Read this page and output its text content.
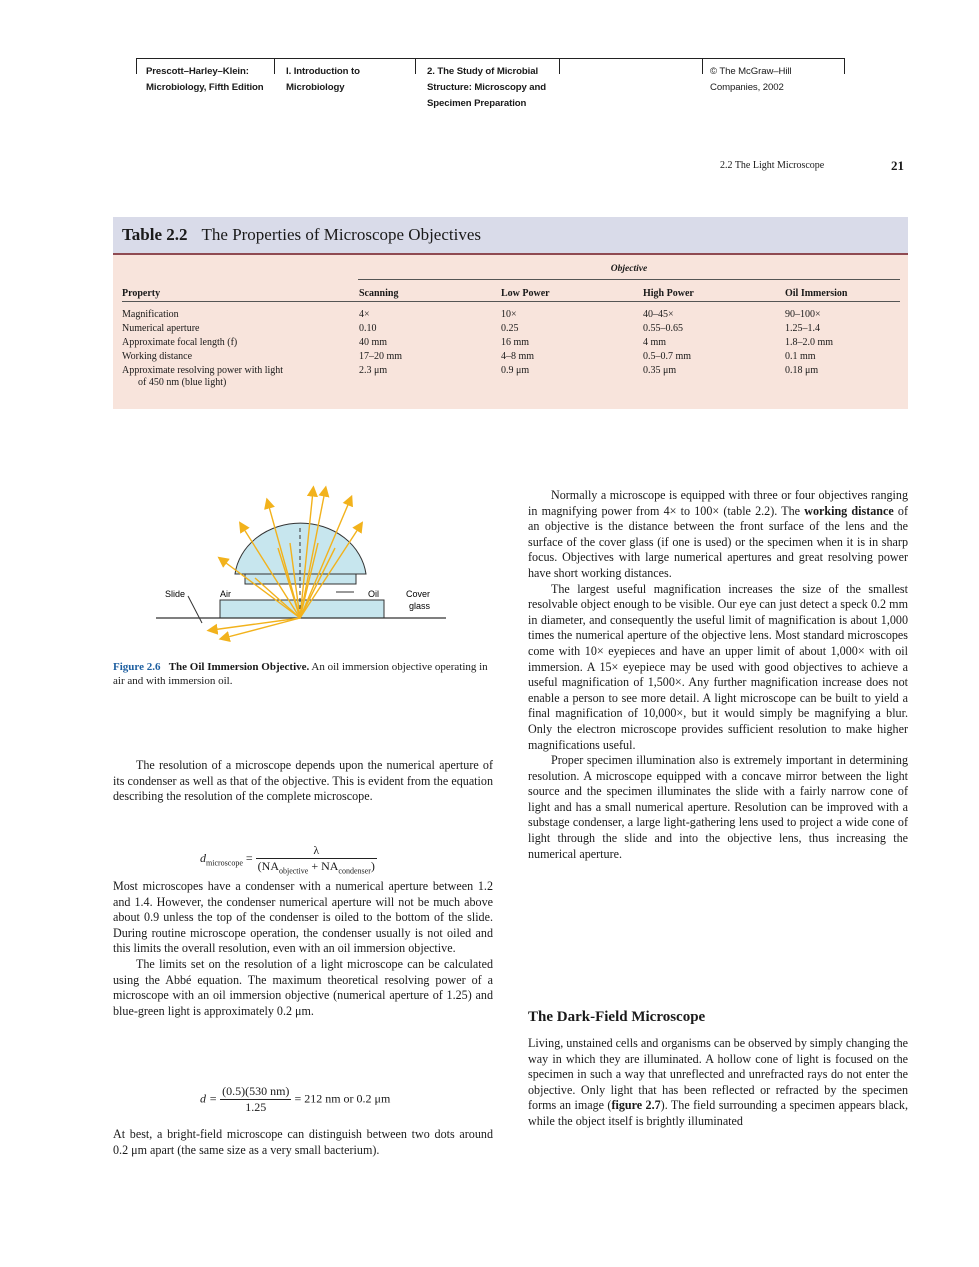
Prescott–Harley–Klein:
Microbiology, Fifth Edition
I. Introduction to
Microbiology
2. The Study of Microbial
Structure: Microscopy and
Specimen Preparation
© The McGraw–Hill
Companies, 2002
2.2 The Light Microscope	21
Table 2.2 The Properties of Microscope Objectives
Objective
Property	Scanning	Low Power	High Power	Oil Immersion
Magnification	4×	10×	40–45×	90–100×
Numerical aperture	0.10	0.25	0.55–0.65	1.25–1.4
Approximate focal length (f)	40 mm	16 mm	4 mm	1.8–2.0 mm
Working distance	17–20 mm	4–8 mm	0.5–0.7 mm	0.1 mm
Approximate resolving power with light
of 450 nm (blue light)
2.3 μm	0.9 μm	0.35 μm	0.18 μm
Slide	Air	Oil	Cover
glass
Figure 2.6 The Oil Immersion Objective. An oil immersion objective operating in air and with immersion oil.

The resolution of a microscope depends upon the numerical aperture of its condenser as well as that of the objective. This is evident from the equation describing the resolution of the complete microscope.

$d_{microscope} = \frac{\lambda}{(NA_{objective} + NA_{condenser})}$

Most microscopes have a condenser with a numerical aperture between 1.2 and 1.4. However, the condenser numerical aperture will not be much above about 0.9 unless the top of the condenser is oiled to the bottom of the slide. During routine microscope operation, the condenser usually is not oiled and this limits the overall resolution, even with an oil immersion objective.

The limits set on the resolution of a light microscope can be calculated using the Abbé equation. The maximum theoretical resolving power of a microscope with an oil immersion objective (numerical aperture of 1.25) and blue-green light is approximately 0.2 μm.

$d = \frac{(0.5)(530 nm)}{1.25} = 212$ nm or 0.2 μm

At best, a bright-field microscope can distinguish between two dots around 0.2 μm apart (the same size as a very small bacterium).

Normally a microscope is equipped with three or four objectives ranging in magnifying power from 4× to 100× (table 2.2). The working distance of an objective is the distance between the front surface of the lens and the surface of the cover glass (if one is used) or the specimen when it is in sharp focus. Objectives with large numerical apertures and great resolving power have short working distances.

The largest useful magnification increases the size of the smallest resolvable object enough to be visible. Our eye can just detect a speck 0.2 mm in diameter, and consequently the useful limit of magnification is about 1,000 times the numerical aperture of the objective lens. Most standard microscopes come with 10× eyepieces and have an upper limit of about 1,000× with oil immersion. A 15× eyepiece may be used with good objectives to achieve a useful magnification of 1,500×. Any further magnification increase does not enable a person to see more detail. A light microscope can be built to yield a final magnification of 10,000×, but it would simply be magnifying a blur. Only the electron microscope provides sufficient resolution to make higher magnifications useful.

Proper specimen illumination also is extremely important in determining resolution. A microscope equipped with a concave mirror between the light source and the specimen illuminates the slide with a fairly narrow cone of light and has a small numerical aperture. Resolution can be improved with a substage condenser, a large light-gathering lens used to project a wide cone of light through the slide and into the objective lens, thus increasing the numerical aperture.

The Dark-Field Microscope

Living, unstained cells and organisms can be observed by simply changing the way in which they are illuminated. A hollow cone of light is focused on the specimen in such a way that unreflected and unrefracted rays do not enter the objective. Only light that has been reflected or refracted by the specimen forms an image (figure 2.7). The field surrounding a specimen appears black, while the object itself is brightly illuminated
